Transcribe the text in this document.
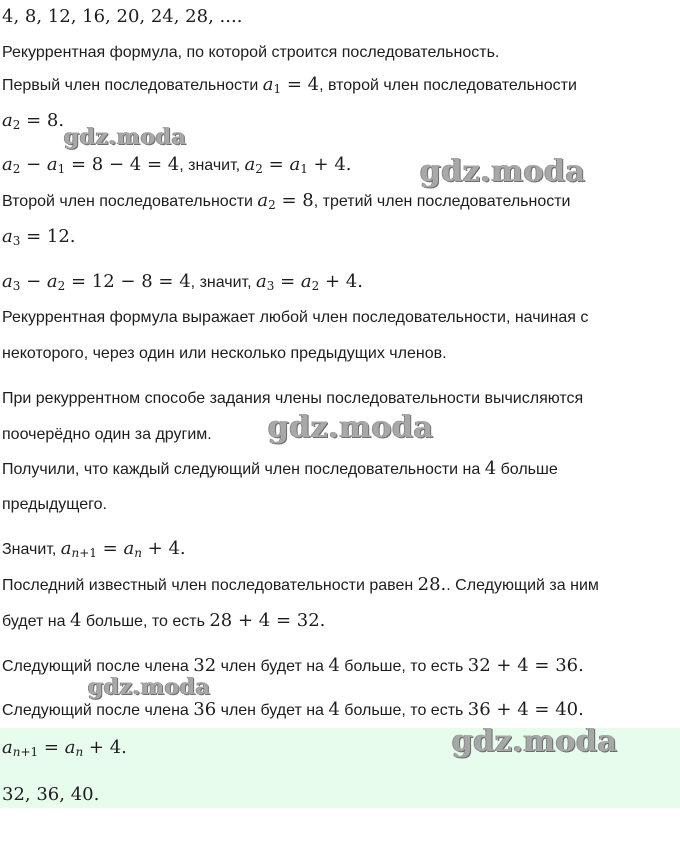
4, 8, 12, 16, 20, 24, 28, ....
Рекуррентная формула, по которой строится последовательность.
Первый член последовательности $a_1 = 4$, второй член последовательности
$a_2 = 8$.
$a_2 - a_1 = 8 - 4 = 4$, значит, $a_2 = a_1 + 4$.
Второй член последовательности $a_2 = 8$, третий член последовательности
$a_3 = 12$.
$a_3 - a_2 = 12 - 8 = 4$, значит, $a_3 = a_2 + 4$.
Рекуррентная формула выражает любой член последовательности, начиная с
некоторого, через один или несколько предыдущих членов.
При рекуррентном способе задания члены последовательности вычисляются
поочерёдно один за другим.
Получили, что каждый следующий член последовательности на 4 больше
предыдущего.
Значит, $a_{n+1} = a_n + 4$.
Последний известный член последовательности равен 28.. Следующий за ним
будет на 4 больше, то есть 28 + 4 = 32.
Следующий после члена 32 член будет на 4 больше, то есть 32 + 4 = 36.
Следующий после члена 36 член будет на 4 больше, то есть 36 + 4 = 40.
$a_{n+1} = a_n + 4$.
32, 36, 40.
gdz.moda
gdz.moda
gdz.moda
gdz.moda
gdz.moda
